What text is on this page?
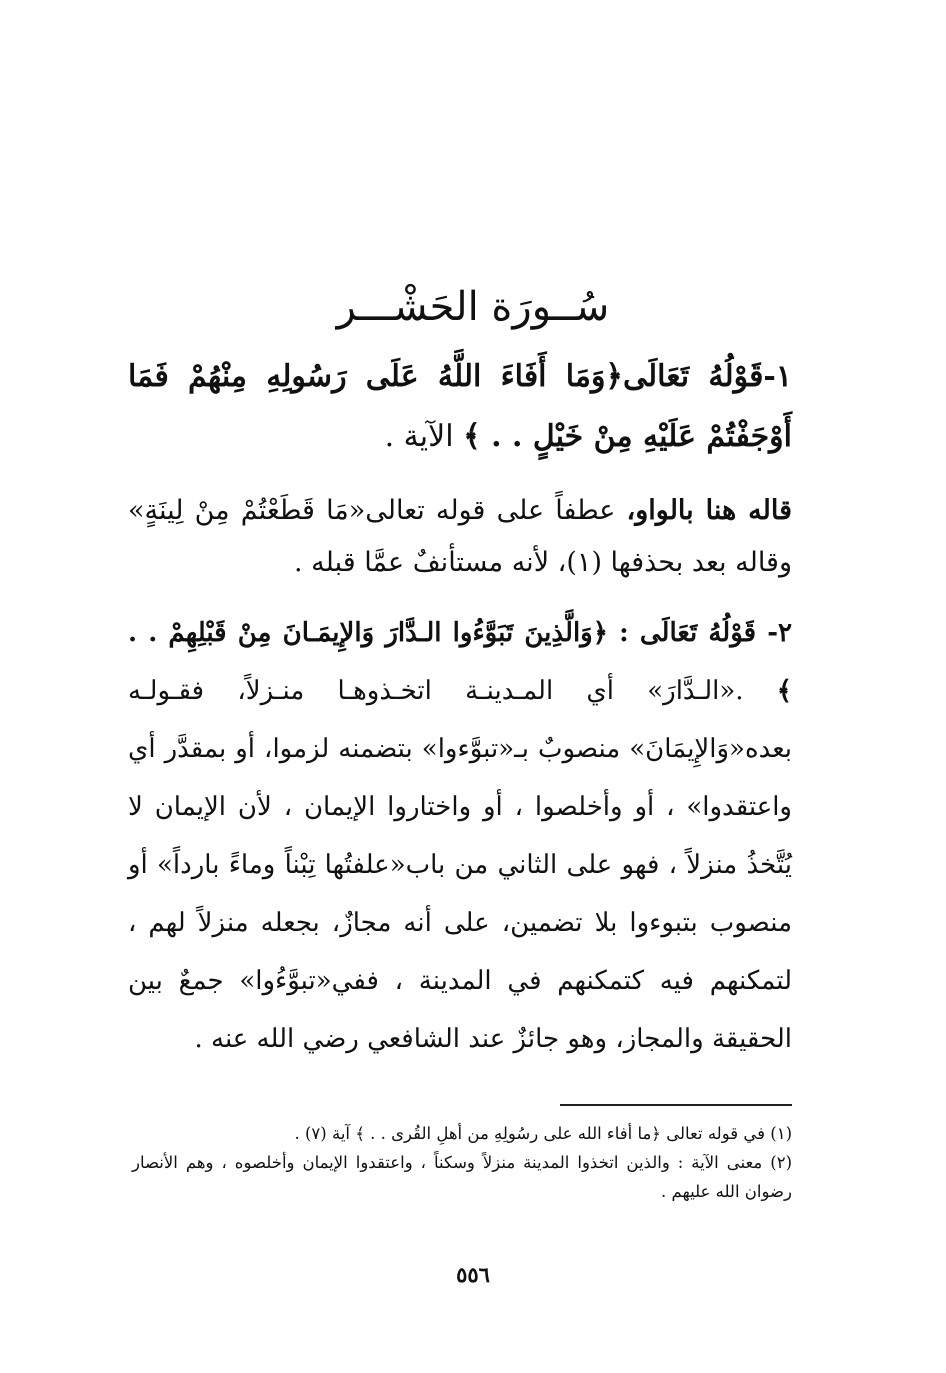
سُــورَة الحَشْـــر

١-قَوْلُهُ تَعَالَى﴿وَمَا أَفَاءَ اللَّهُ عَلَى رَسُولِهِ مِنْهُمْ فَمَا أَوْجَفْتُمْ عَلَيْهِ مِنْ خَيْلٍ . . ﴾ الآية .

قاله هنا بالواو، عطفاً على قوله تعالى«مَا قَطَعْتُمْ مِنْ لِينَةٍ» وقاله بعد بحذفها (١)، لأنه مستأنفٌ عمَّا قبله .

٢- قَوْلُهُ تَعَالَى : ﴿وَالَّذِينَ تَبَوَّءُوا الـدَّارَ وَالإِيمَـانَ مِنْ قَبْلِهِمْ . . ﴾ .«الـدَّارَ» أي المـدينـة اتخـذوهـا منـزلاً، فقـولـه بعده«وَالإِيمَانَ» منصوبٌ بـ«تبوَّءوا» بتضمنه لزموا، أو بمقدَّر أي واعتقدوا» ، أو وأخلصوا ، أو واختاروا الإيمان ، لأن الإيمان لا يُتَّخذُ منزلاً ، فهو على الثاني من باب«علفتُها تِبْناً وماءً بارداً» أو منصوب بتبوءوا بلا تضمين، على أنه مجازٌ، بجعله منزلاً لهم ، لتمكنهم فيه كتمكنهم في المدينة ، ففي«تبوَّءُوا» جمعٌ بين الحقيقة والمجاز، وهو جائزٌ عند الشافعي رضي الله عنه .

(١) في قوله تعالى ﴿ما أفاء الله على رسُولِهِ من أهلِ القُرى . . ﴾ آية (٧) .

(٢) معنى الآية : والذين اتخذوا المدينة منزلاً وسكناً ، واعتقدوا الإيمان وأخلصوه ، وهم الأنصار رضوان الله عليهم .

٥٥٦
